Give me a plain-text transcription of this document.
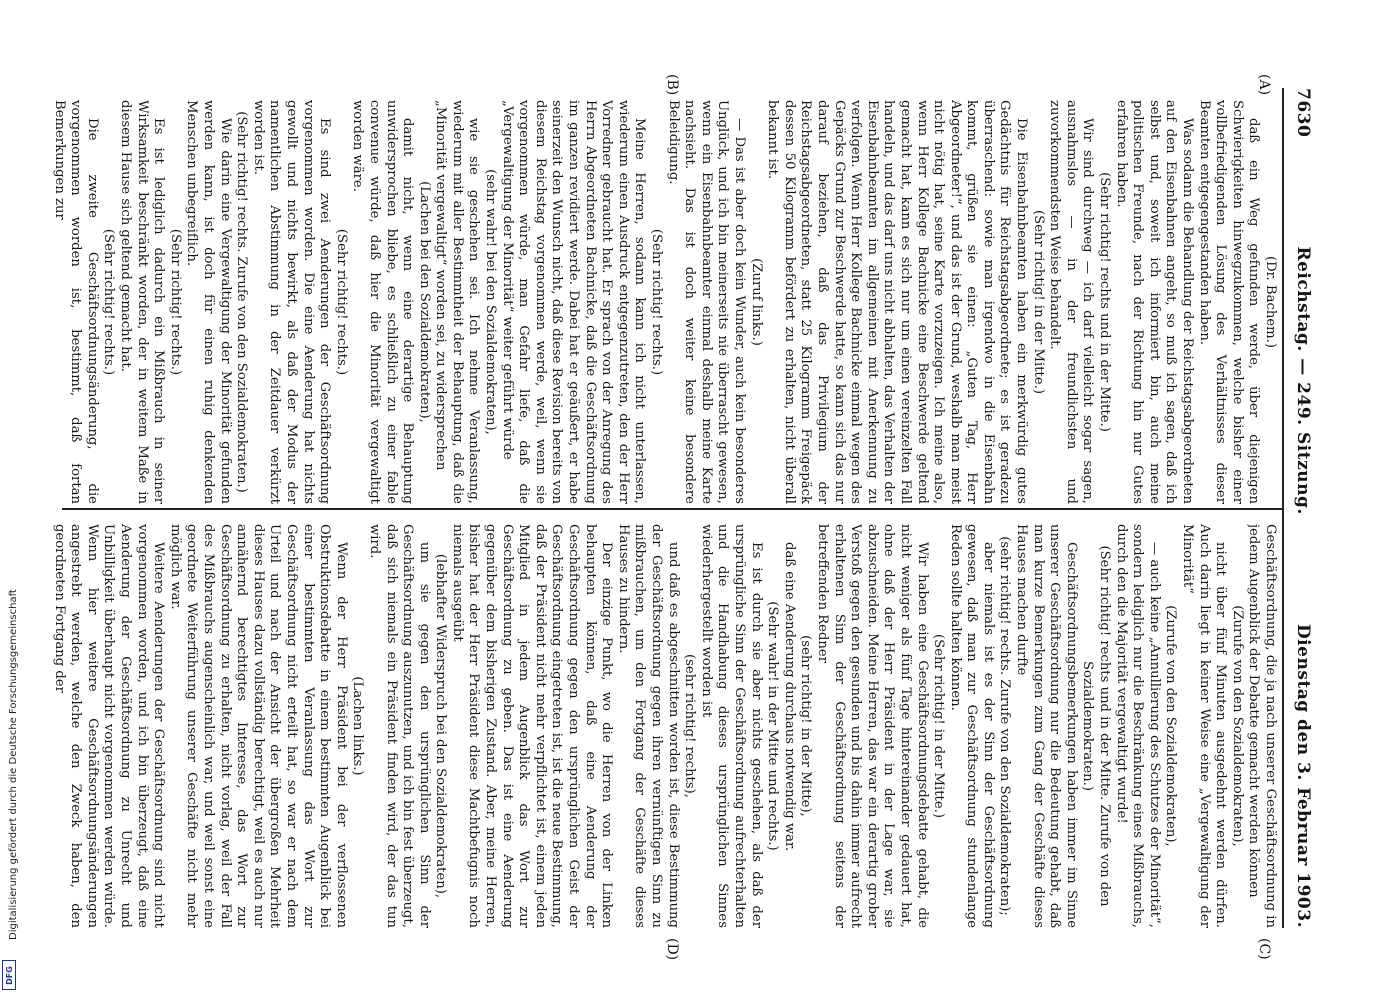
7630
Reichstag. — 249. Sitzung.
Dienstag den 3. Februar 1903.
(A)
(B)
(C)
(D)

(Dr. Bachem.)

daß ein Weg gefunden werde, über diejenigen Schwierigkeiten hinwegzukommen, welche bisher einer vollbefriedigenden Lösung des Verhältnisses dieser Beamten entgegengestanden haben.

Was sodann die Behandlung der Reichstagsabgeordneten auf den Eisenbahnen angeht, so muß ich sagen, daß ich selbst und, soweit ich informiert bin, auch meine politischen Freunde, nach der Richtung hin nur Gutes erfahren haben.

(Sehr richtig! rechts und in der Mitte.)

Wir sind durchweg — ich darf vielleicht sogar sagen, ausnahmslos — in der freundlichsten und zuvorkommendsten Weise behandelt.

(Sehr richtig! in der Mitte.)

Die Eisenbahnbeamten haben ein merkwürdig gutes Gedächtnis für Reichstagsabgeordnete; es ist geradezu überraschend: sowie man irgendwo in die Eisenbahn kommt, grüßen sie einen: „Guten Tag, Herr Abgeordneter!“, und das ist der Grund, weshalb man meist nicht nötig hat, seine Karte vorzuzeigen. Ich meine also, wenn Herr Kollege Bachnicke eine Beschwerde geltend gemacht hat, kann es sich nur um einen vereinzelten Fall handeln, und das darf uns nicht abhalten, das Verhalten der Eisenbahnbeamten im allgemeinen mit Anerkennung zu verfolgen. Wenn Herr Kollege Bachnicke einmal wegen des Gepäcks Grund zur Beschwerde hatte, so kann sich das nur darauf beziehen, daß das Privilegium der Reichstagsabgeordneten, statt 25 Kilogramm Freigepäck dessen 50 Kilogramm befördert zu erhalten, nicht überall bekannt ist.

(Zuruf links.)

— Das ist aber doch kein Wunder, auch kein besonderes Unglück, und ich bin meinerseits nie überrascht gewesen, wenn ein Eisenbahnbeamter einmal deshalb meine Karte nachsieht. Das ist doch weiter keine besondere Beleidigung.

(Sehr richtig! rechts.)

Meine Herren, sodann kann ich nicht unterlassen, wiederum einen Ausdruck entgegenzutreten, den der Herr Vorredner gebraucht hat. Er sprach von der Anregung des Herrn Abgeordneten Bachnicke, daß die Geschäftsordnung im ganzen revidiert werde. Dabei hat er geäußert, er habe seinerzeit den Wunsch nicht, daß diese Revision bereits von diesem Reichstag vorgenommen werde, weil, wenn sie vorgenommen würde, man Gefahr liefe, daß die „Vergewaltigung der Minorität“ weiter geführt würde

(sehr wahr! bei den Sozialdemokraten),

wie sie geschehen sei. Ich nehme Veranlassung, wiederum mit aller Bestimmtheit der Behauptung, daß die „Minorität vergewaltigt“ worden sei, zu widersprechen

(Lachen bei den Sozialdemokraten),

damit nicht, wenn eine derartige Behauptung unwidersprochen bliebe, es schließlich zu einer fable convenue würde, daß hier die Minorität vergewaltigt worden wäre.

(Sehr richtig! rechts.)

Es sind zwei Aenderungen der Geschäftsordnung vorgenommen worden. Die eine Aenderung hat nichts gewollt und nichts bewirkt, als daß der Modus der namentlichen Abstimmung in der Zeitdauer verkürzt worden ist.

(Sehr richtig! rechts. Zurufe von den Sozialdemokraten.)

Wie darin eine Vergewaltigung der Minorität gefunden werden kann, ist doch für einen ruhig denkenden Menschen unbegreiflich.

(Sehr richtig! rechts.)

Es ist lediglich dadurch ein Mißbrauch in seiner Wirksamkeit beschränkt worden, der in weitem Maße in diesem Hause sich geltend gemacht hat.

(Sehr richtig! rechts.)

Die zweite Geschäftsordnungsänderung, die vorgenommen worden ist, bestimmt, daß fortan Bemerkungen zur

Geschäftsordnung, die ja nach unserer Geschäftsordnung in jedem Augenblick der Debatte gemacht werden können

(Zurufe von den Sozialdemokraten),

nicht über fünf Minuten ausgedehnt werden dürfen. Auch darin liegt in keiner Weise eine „Vergewaltigung der Minorität“

(Zurufe von den Sozialdemokraten),

— auch keine „Annullierung des Schutzes der Minorität“, sondern lediglich nur die Beschränkung eines Mißbrauchs, durch den die Majorität vergewaltigt wurde!

(Sehr richtig! rechts und in der Mitte. Zurufe von den Sozialdemokraten.)

Geschäftsordnungsbemerkungen haben immer im Sinne unserer Geschäftsordnung nur die Bedeutung gehabt, daß man kurze Bemerkungen zum Gang der Geschäfte dieses Hauses machen durfte

(sehr richtig! rechts. Zurufe von den Sozialdemokraten);

aber niemals ist es der Sinn der Geschäftsordnung gewesen, daß man zur Geschäftsordnung stundenlange Reden sollte halten können.

(Sehr richtig! in der Mitte.)

Wir haben eine Geschäftsordnungsdebatte gehabt, die nicht weniger als fünf Tage hintereinander gedauert hat, ohne daß der Herr Präsident in der Lage war, sie abzuschneiden. Meine Herren, das war ein derartig grober Verstoß gegen den gesunden und bis dahin immer aufrecht erhaltenen Sinn der Geschäftsordnung seitens der betreffenden Redner

(sehr richtig! in der Mitte),

daß eine Aenderung durchaus notwendig war.

(Sehr wahr! in der Mitte und rechts.)

Es ist durch sie aber nichts geschehen, als daß der ursprüngliche Sinn der Geschäftsordnung aufrechterhalten und die Handhabung dieses ursprünglichen Sinnes wiederhergestellt worden ist

(sehr richtig! rechts),

und daß es abgeschnitten worden ist, diese Bestimmung der Geschäftsordnung gegen ihren vernünftigen Sinn zu mißbrauchen, um den Fortgang der Geschäfte dieses Hauses zu hindern.

Der einzige Punkt, wo die Herren von der Linken behaupten können, daß eine Aenderung der Geschäftsordnung gegen den ursprünglichen Geist der Geschäftsordnung eingetreten ist, ist die neue Bestimmung, daß der Präsident nicht mehr verpflichtet ist, einem jeden Mitglied in jedem Augenblick das Wort zur Geschäftsordnung zu geben. Das ist eine Aenderung gegenüber dem bisherigen Zustand. Aber, meine Herren, bisher hat der Herr Präsident diese Machtbefugnis noch niemals ausgeübt

(lebhafter Widerspruch bei den Sozialdemokraten),

um sie gegen den ursprünglichen Sinn der Geschäftsordnung auszunutzen, und ich bin fest überzeugt, daß sich niemals ein Präsident finden wird, der das tun wird.

(Lachen links.)

Wenn der Herr Präsident bei der verflossenen Obstruktionsdebatte in einem bestimmten Augenblick bei einer bestimmten Veranlassung das Wort zur Geschäftsordnung nicht erteilt hat, so war er nach dem Urteil und nach der Ansicht der übergroßen Mehrheit dieses Hauses dazu vollständig berechtigt, weil es auch nur annähernd berechtigtes Interesse, das Wort zur Geschäftsordnung zu erhalten, nicht vorlag, weil der Fall des Mißbrauchs augenscheinlich war, und weil sonst eine geordnete Weiterführung unserer Geschäfte nicht mehr möglich war.

Weitere Aenderungen der Geschäftsordnung sind nicht vorgenommen worden, und ich bin überzeugt, daß eine Aenderung der Geschäftsordnung zu Unrecht und Unbilligkeit überhaupt nicht vorgenommen werden würde. Wenn hier weitere Geschäftsordnungsänderungen angestrebt werden, welche den Zweck haben, den geordneten Fortgang der

Digitalisierung gefördert durch die Deutsche Forschungsgemeinschaft
DFG
